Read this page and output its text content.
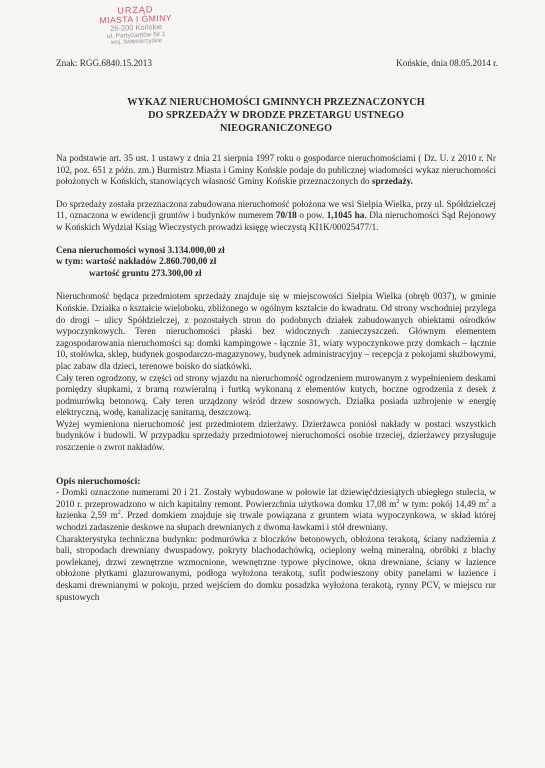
URZĄD
MIASTA I GMINY
26-200 Końskie
ul. Partyzantów Nr 1
woj. świętokrzyskie
Znak: RGG.6840.15.2013	Końskie, dnia 08.05.2014 r.
WYKAZ NIERUCHOMOŚCI GMINNYCH PRZEZNACZONYCH
DO SPRZEDAŻY W DRODZE PRZETARGU USTNEGO
NIEOGRANICZONEGO

Na podstawie art. 35 ust. 1 ustawy z dnia 21 sierpnia 1997 roku o gospodarce nieruchomościami ( Dz. U. z 2010 r. Nr 102, poz. 651 z późn. zm.) Burmistrz Miasta i Gminy Końskie podaje do publicznej wiadomości wykaz nieruchomości położonych w Końskich, stanowiących własność Gminy Końskie przeznaczonych do sprzedaży.

Do sprzedaży została przeznaczona zabudowana nieruchomość położona we wsi Sielpia Wielka, przy ul. Spółdzielczej 11, oznaczona w ewidencji gruntów i budynków numerem 70/18 o pow. 1,1045 ha. Dla nieruchomości Sąd Rejonowy w Końskich Wydział Ksiąg Wieczystych prowadzi księgę wieczystą KI1K/00025477/1.

Cena nieruchomości wynosi 3.134.000,00 zł
w tym: wartość nakładów 2.860.700,00 zł
wartość gruntu 273.300,00 zł

Nieruchomość będąca przedmiotem sprzedaży znajduje się w miejscowości Sielpia Wielka (obręb 0037), w gminie Końskie. Działka o kształcie wieloboku, zbliżonego w ogólnym kształcie do kwadratu. Od strony wschodniej przylega do drogi – ulicy Spółdzielczej, z pozostałych stron do podobnych działek zabudowanych obiektami ośrodków wypoczynkowych. Teren nieruchomości płaski bez widocznych zanieczyszczeń. Głównym elementem zagospodarowania nieruchomości są: domki kampingowe - łącznie 31, wiaty wypoczynkowe przy domkach – łącznie 10, stołówka, sklep, budynek gospodarczo-magazynowy, budynek administracyjny – recepcja z pokojami służbowymi, plac zabaw dla dzieci, terenowe boisko do siatkówki.

Cały teren ogrodzony, w części od strony wjazdu na nieruchomość ogrodzeniem murowanym z wypełnieniem deskami pomiędzy słupkami, z bramą rozwieralną i furtką wykonaną z elementów kutych, boczne ogrodzenia z desek z podmurówką betonową. Cały teren urządzony wśród drzew sosnowych. Działka posiada uzbrojenie w energię elektryczną, wodę, kanalizację sanitarną, deszczową.

Wyżej wymieniona nieruchomość jest przedmiotem dzierżawy. Dzierżawca poniósł nakłady w postaci wszystkich budynków i budowli. W przypadku sprzedaży przedmiotowej nieruchomości osobie trzeciej, dzierżawcy przysługuje roszczenie o zwrot nakładów.

Opis nieruchomości:

- Domki oznaczone numerami 20 i 21. Zostały wybudowane w połowie lat dziewięćdziesiątych ubiegłego stulecia, w 2010 r. przeprowadzono w nich kapitalny remont. Powierzchnia użytkowa domku 17,08 $m^2$ w tym: pokój 14,49 $m^2$ a łazienka 2,59 $m^2$. Przed domkiem znajduje się trwale powiązana z gruntem wiata wypoczynkowa, w skład której wchodzi zadaszenie deskowe na słupach drewnianych z dwoma ławkami i stół drewniany.

Charakterystyka techniczna budynku: podmurówka z bloczków betonowych, obłożona terakotą, ściany nadziemia z bali, stropodach drewniany dwuspadowy, pokryty blachodachówką, ocieplony wełną mineralną, obróbki z blachy powlekanej, drzwi zewnętrzne wzmocnione, wewnętrzne typowe płycinowe, okna drewniane, ściany w łazience obłożone płytkami glazurowanymi, podłoga wyłożona terakotą, sufit podwieszony obity panelami w łazience i deskami drewnianymi w pokoju, przed wejściem do domku posadzka wyłożona terakotą, rynny PCV, w miejscu rur spustowych
